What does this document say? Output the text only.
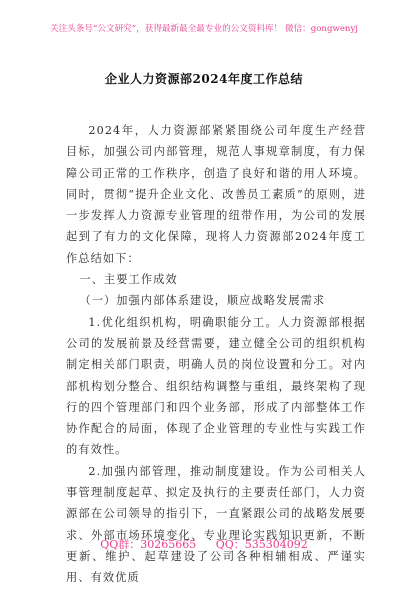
关注头条号“公文研究”，获得最新最全最专业的公文资料库！ 微信：gongwenyj
企业人力资源部2024年度工作总结

2024年，人力资源部紧紧围绕公司年度生产经营目标，加强公司内部管理，规范人事规章制度，有力保障公司正常的工作秩序，创造了良好和谐的用人环境。同时，贯彻“提升企业文化、改善员工素质”的原则，进一步发挥人力资源专业管理的纽带作用，为公司的发展起到了有力的文化保障，现将人力资源部2024年度工作总结如下：

一、主要工作成效

（一）加强内部体系建设，顺应战略发展需求

1.优化组织机构，明确职能分工。人力资源部根据公司的发展前景及经营需要，建立健全公司的组织机构制定相关部门职责，明确人员的岗位设置和分工。对内部机构划分整合、组织结构调整与重组，最终架构了现行的四个管理部门和四个业务部，形成了内部整体工作协作配合的局面，体现了企业管理的专业性与实践工作的有效性。

2.加强内部管理，推动制度建设。作为公司相关人事管理制度起草、拟定及执行的主要责任部门，人力资源部在公司领导的指引下，一直紧跟公司的战略发展要求、外部市场环境变化、专业理论实践知识更新，不断更新、维护、起草建设了公司各种相辅相成、严谨实用、有效优质

QQ群：30265665 QQ：535304092
